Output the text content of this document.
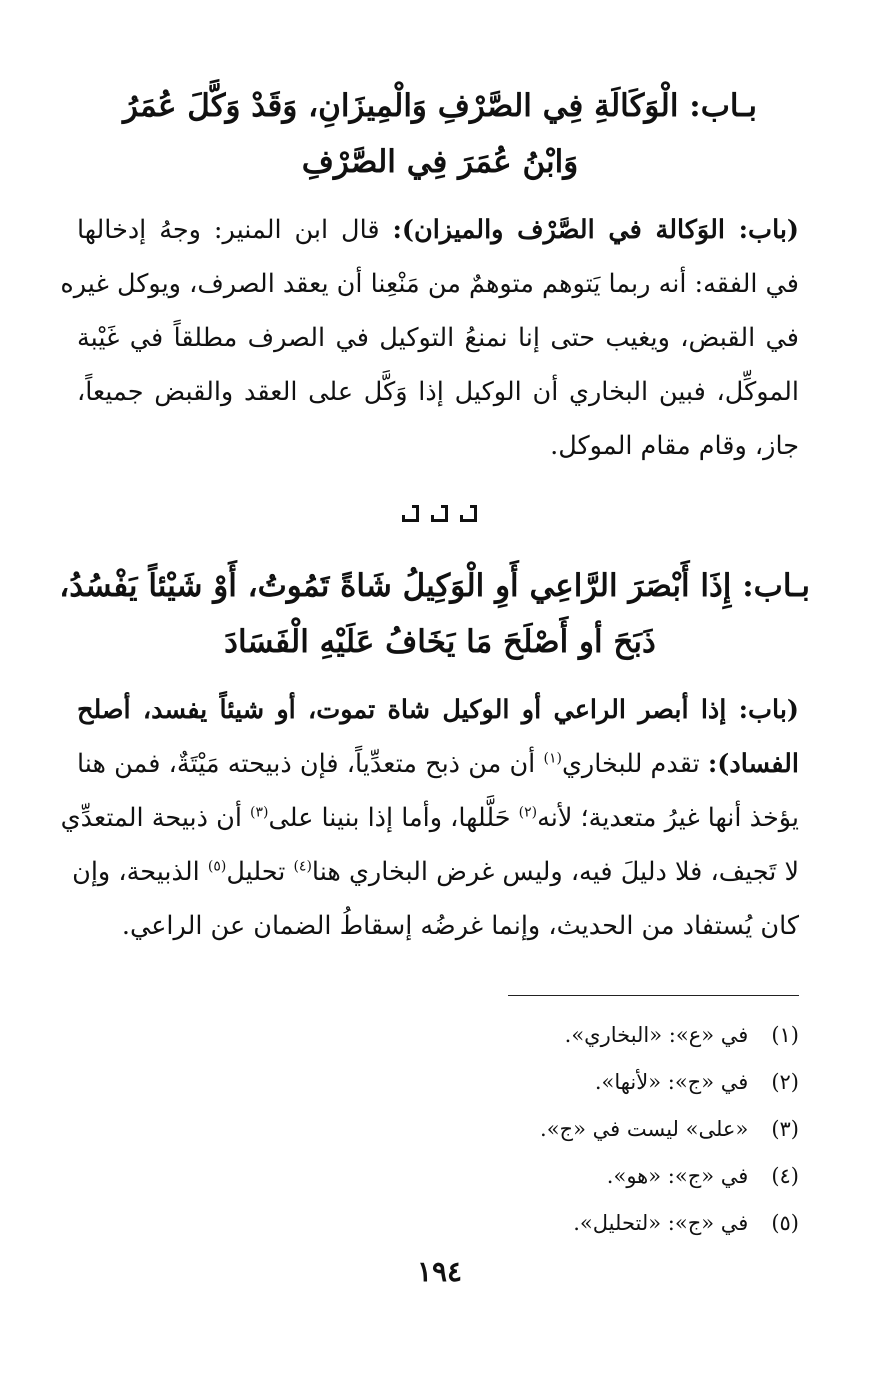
بـاب: الْوَكَالَةِ فِي الصَّرْفِ وَالْمِيزَانِ، وَقَدْ وَكَّلَ عُمَرُ
وَابْنُ عُمَرَ فِي الصَّرْفِ
(باب: الوَكالة في الصَّرْف والميزان): قال ابن المنير: وجهُ إدخالها
في الفقه: أنه ربما يَتوهم متوهمٌ من مَنْعِنا أن يعقد الصرف، ويوكل غيره
في القبض، ويغيب حتى إنا نمنعُ التوكيل في الصرف مطلقاً في غَيْبة
الموكِّل، فبين البخاري أن الوكيل إذا وَكَّل على العقد والقبض جميعاً،
جاز، وقام مقام الموكل.
بـاب: إِذَا أَبْصَرَ الرَّاعِي أَوِ الْوَكِيلُ شَاةً تَمُوتُ، أَوْ شَيْئاً يَفْسُدُ،
ذَبَحَ أو أَصْلَحَ مَا يَخَافُ عَلَيْهِ الْفَسَادَ
(باب: إذا أبصر الراعي أو الوكيل شاة تموت، أو شيئاً يفسد، أصلح
الفساد): تقدم للبخاري$^{(١)}$ أن من ذبح متعدِّياً، فإن ذبيحته مَيْتَةٌ، فمن هنا
يؤخذ أنها غيرُ متعدية؛ لأنه$^{(٢)}$ حَلَّلها، وأما إذا بنينا على$^{(٣)}$ أن ذبيحة المتعدِّي
لا تَجيف، فلا دليلَ فيه، وليس غرض البخاري هنا$^{(٤)}$ تحليل$^{(٥)}$ الذبيحة، وإن
كان يُستفاد من الحديث، وإنما غرضُه إسقاطُ الضمان عن الراعي.
(١) في «ع»: «البخاري».
(٢) في «ج»: «لأنها».
(٣) «على» ليست في «ج».
(٤) في «ج»: «هو».
(٥) في «ج»: «لتحليل».
١٩٤
